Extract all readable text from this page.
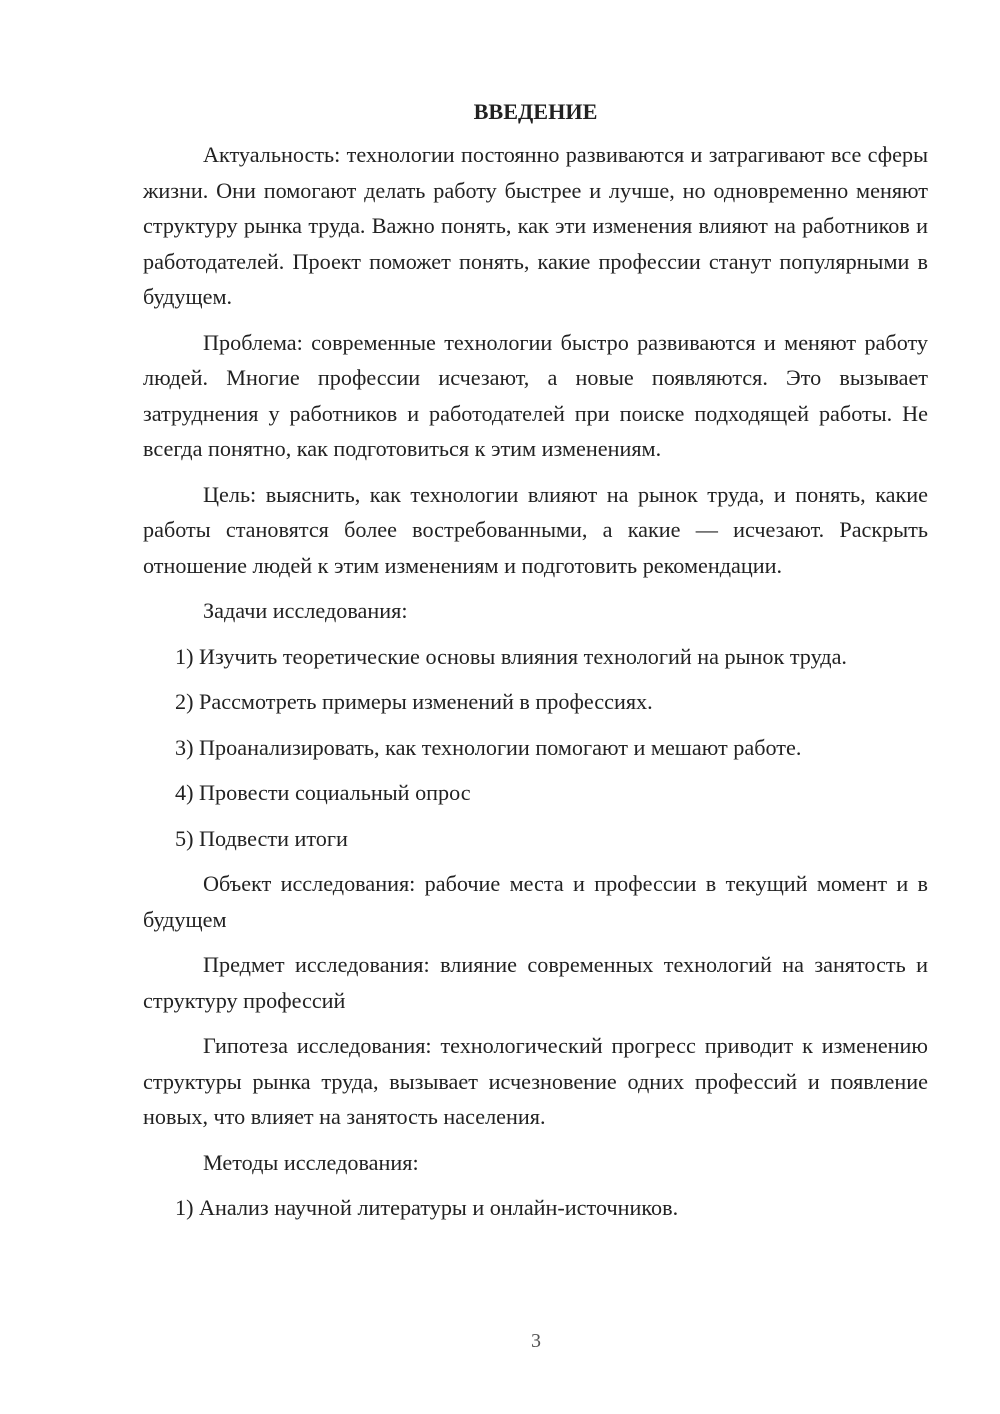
ВВЕДЕНИЕ

Актуальность: технологии постоянно развиваются и затрагивают все сферы жизни. Они помогают делать работу быстрее и лучше, но одновременно меняют структуру рынка труда. Важно понять, как эти изменения влияют на работников и работодателей. Проект поможет понять, какие профессии станут популярными в будущем.

Проблема: современные технологии быстро развиваются и меняют работу людей. Многие профессии исчезают, а новые появляются. Это вызывает затруднения у работников и работодателей при поиске подходящей работы. Не всегда понятно, как подготовиться к этим изменениям.

Цель: выяснить, как технологии влияют на рынок труда, и понять, какие работы становятся более востребованными, а какие — исчезают. Раскрыть отношение людей к этим изменениям и подготовить рекомендации.

Задачи исследования:
1) Изучить теоретические основы влияния технологий на рынок труда.
2) Рассмотреть примеры изменений в профессиях.
3) Проанализировать, как технологии помогают и мешают работе.
4) Провести социальный опрос
5) Подвести итоги

Объект исследования: рабочие места и профессии в текущий момент и в будущем

Предмет исследования: влияние современных технологий на занятость и структуру профессий

Гипотеза исследования: технологический прогресс приводит к изменению структуры рынка труда, вызывает исчезновение одних профессий и появление новых, что влияет на занятость населения.

Методы исследования:
1) Анализ научной литературы и онлайн-источников.
3
